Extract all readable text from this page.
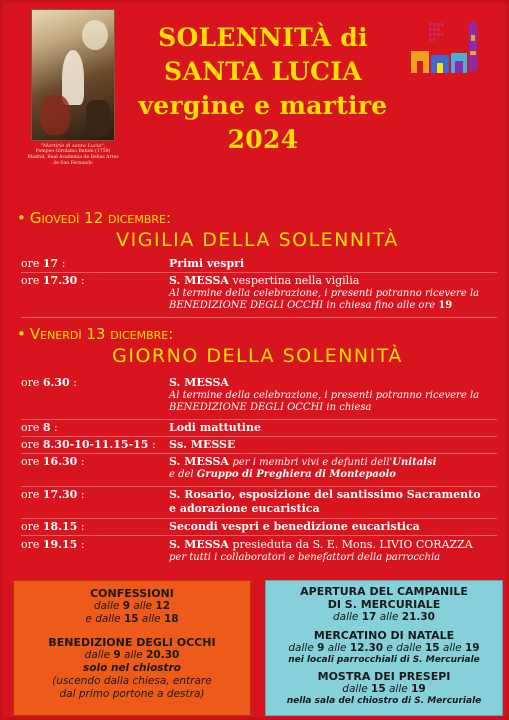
"Martirio di santa Lucia",
Pompeo Girolamo Batoni (1759)
Madrid, Real Academia de Bellas Artes
de San Fernando
SOLENNITÀ di
SANTA LUCIA
vergine e martire
2024
• Giovedì 12 dicembre:
VIGILIA DELLA SOLENNITÀ
ore 17 :	Primi vespri
ore 17.30 :	S. MESSA vespertina nella vigilia
Al termine della celebrazione, i presenti potranno ricevere la BENEDIZIONE DEGLI OCCHI in chiesa fino alle ore 19
• Venerdì 13 dicembre:
GIORNO DELLA SOLENNITÀ
ore 6.30 :	S. MESSA
Al termine della celebrazione, i presenti potranno ricevere la BENEDIZIONE DEGLI OCCHI in chiesa
ore 8 :	Lodi mattutine
ore 8.30-10-11.15-15 : Ss. MESSE
ore 16.30 :	S. MESSA per i membri vivi e defunti dell'Unitalsi
e del Gruppo di Preghiera di Montepaolo
ore 17.30 :	S. Rosario, esposizione del santissimo Sacramento
e adorazione eucaristica
ore 18.15 :	Secondi vespri e benedizione eucaristica
ore 19.15 :	S. MESSA presieduta da S. E. Mons. LIVIO CORAZZA
per tutti i collaboratori e benefattori della parrocchia
CONFESSIONI
dalle 9 alle 12
e dalle 15 alle 18
BENEDIZIONE DEGLI OCCHI
dalle 9 alle 20.30
solo nel chiostro
(uscendo dalla chiesa, entrare
dal primo portone a destra)
APERTURA DEL CAMPANILE
DI S. MERCURIALE
dalle 17 alle 21.30
MERCATINO DI NATALE
dalle 9 alle 12.30 e dalle 15 alle 19
nei locali parrocchiali di S. Mercuriale
MOSTRA DEI PRESEPI
dalle 15 alle 19
nella sala del chiostro di S. Mercuriale
